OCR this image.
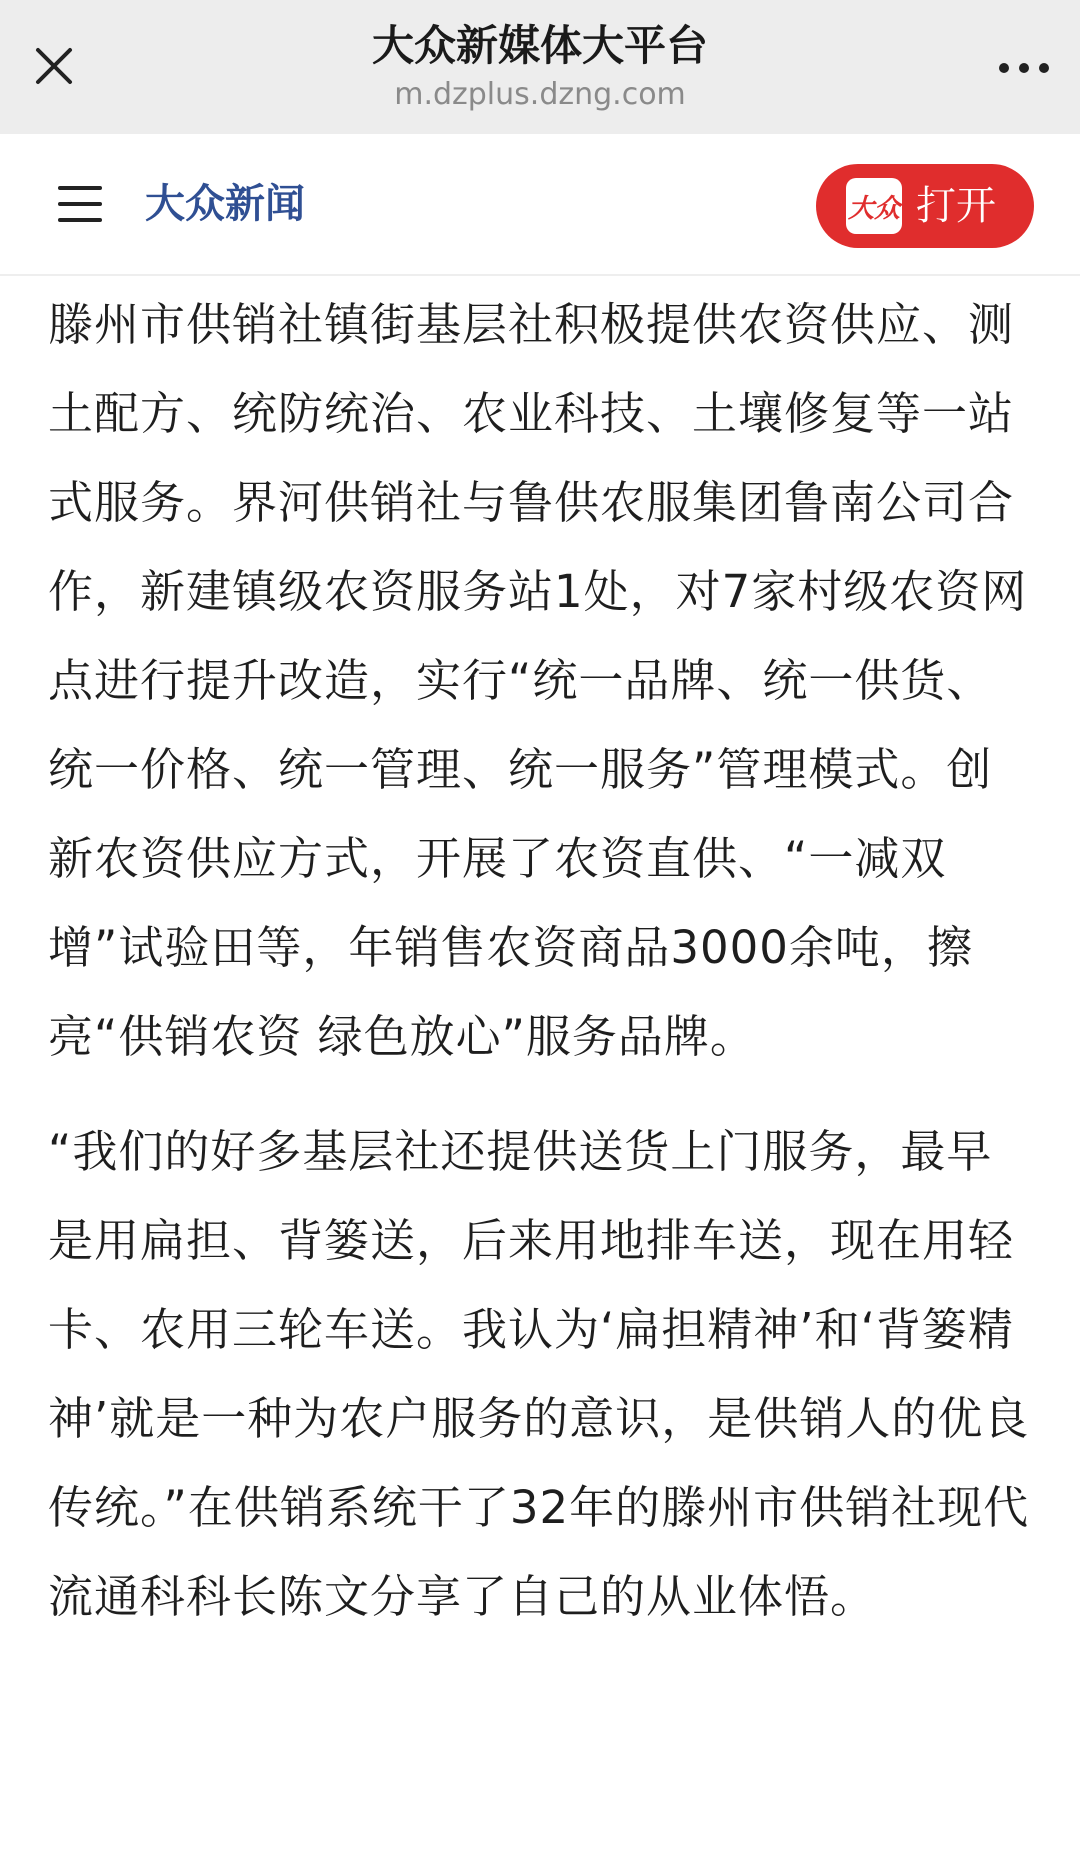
大众新媒体大平台
m.dzplus.dzng.com
大众新闻	大众 打开

滕州市供销社镇街基层社积极提供农资供应、测土配方、统防统治、农业科技、土壤修复等一站式服务。界河供销社与鲁供农服集团鲁南公司合作，新建镇级农资服务站1处，对7家村级农资网点进行提升改造，实行“统一品牌、统一供货、统一价格、统一管理、统一服务”管理模式。创新农资供应方式，开展了农资直供、“一减双增”试验田等，年销售农资商品3000余吨，擦亮“供销农资 绿色放心”服务品牌。

“我们的好多基层社还提供送货上门服务，最早是用扁担、背篓送，后来用地排车送，现在用轻卡、农用三轮车送。我认为‘扁担精神’和‘背篓精神’就是一种为农户服务的意识，是供销人的优良传统。”在供销系统干了32年的滕州市供销社现代流通科科长陈文分享了自己的从业体悟。
